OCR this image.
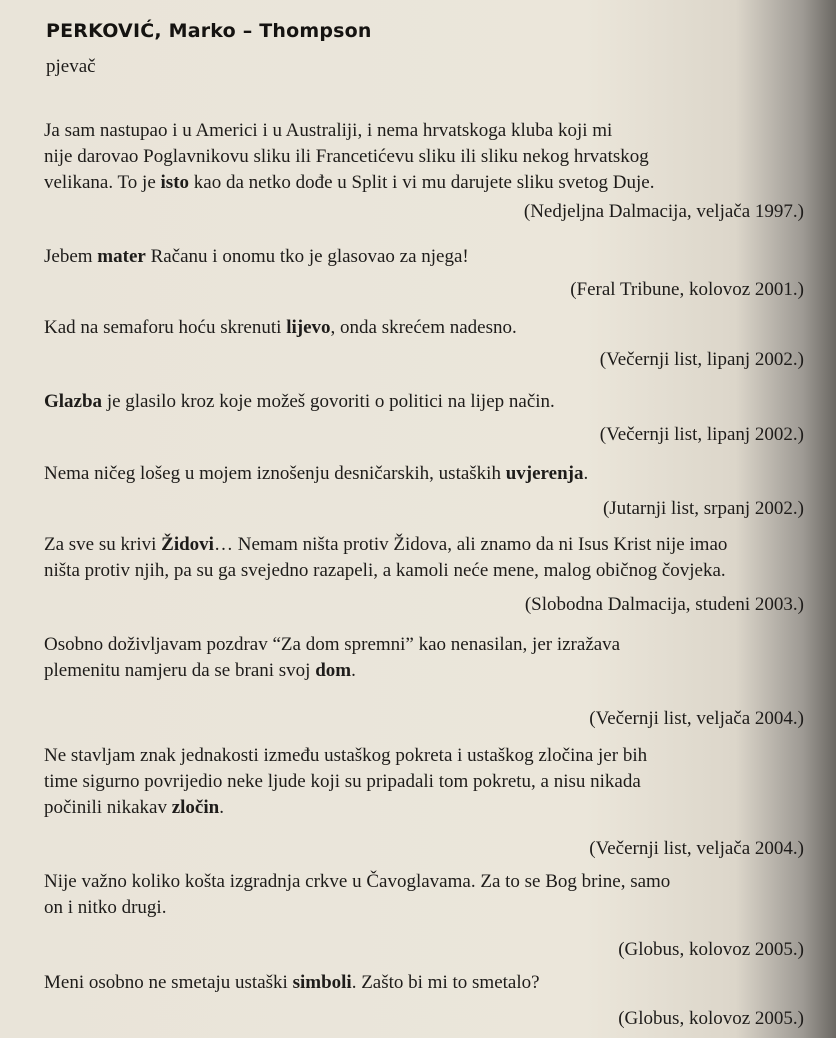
PERKOVIĆ, Marko – Thompson
pjevač

Ja sam nastupao i u Americi i u Australiji, i nema hrvatskoga kluba koji mi
nije darovao Poglavnikovu sliku ili Francetićevu sliku ili sliku nekog hrvatskog
velikana. To je isto kao da netko dođe u Split i vi mu darujete sliku svetog Duje.

(Nedjeljna Dalmacija, veljača 1997.)

Jebem mater Račanu i onomu tko je glasovao za njega!

(Feral Tribune, kolovoz 2001.)

Kad na semaforu hoću skrenuti lijevo, onda skrećem nadesno.

(Večernji list, lipanj 2002.)

Glazba je glasilo kroz koje možeš govoriti o politici na lijep način.

(Večernji list, lipanj 2002.)

Nema ničeg lošeg u mojem iznošenju desničarskih, ustaških uvjerenja.

(Jutarnji list, srpanj 2002.)

Za sve su krivi Židovi… Nemam ništa protiv Židova, ali znamo da ni Isus Krist nije imao
ništa protiv njih, pa su ga svejedno razapeli, a kamoli neće mene, malog običnog čovjeka.

(Slobodna Dalmacija, studeni 2003.)

Osobno doživljavam pozdrav “Za dom spremni” kao nenasilan, jer izražava
plemenitu namjeru da se brani svoj dom.

(Večernji list, veljača 2004.)

Ne stavljam znak jednakosti između ustaškog pokreta i ustaškog zločina jer bih
time sigurno povrijedio neke ljude koji su pripadali tom pokretu, a nisu nikada
počinili nikakav zločin.

(Večernji list, veljača 2004.)

Nije važno koliko košta izgradnja crkve u Čavoglavama. Za to se Bog brine, samo
on i nitko drugi.

(Globus, kolovoz 2005.)

Meni osobno ne smetaju ustaški simboli. Zašto bi mi to smetalo?

(Globus, kolovoz 2005.)
